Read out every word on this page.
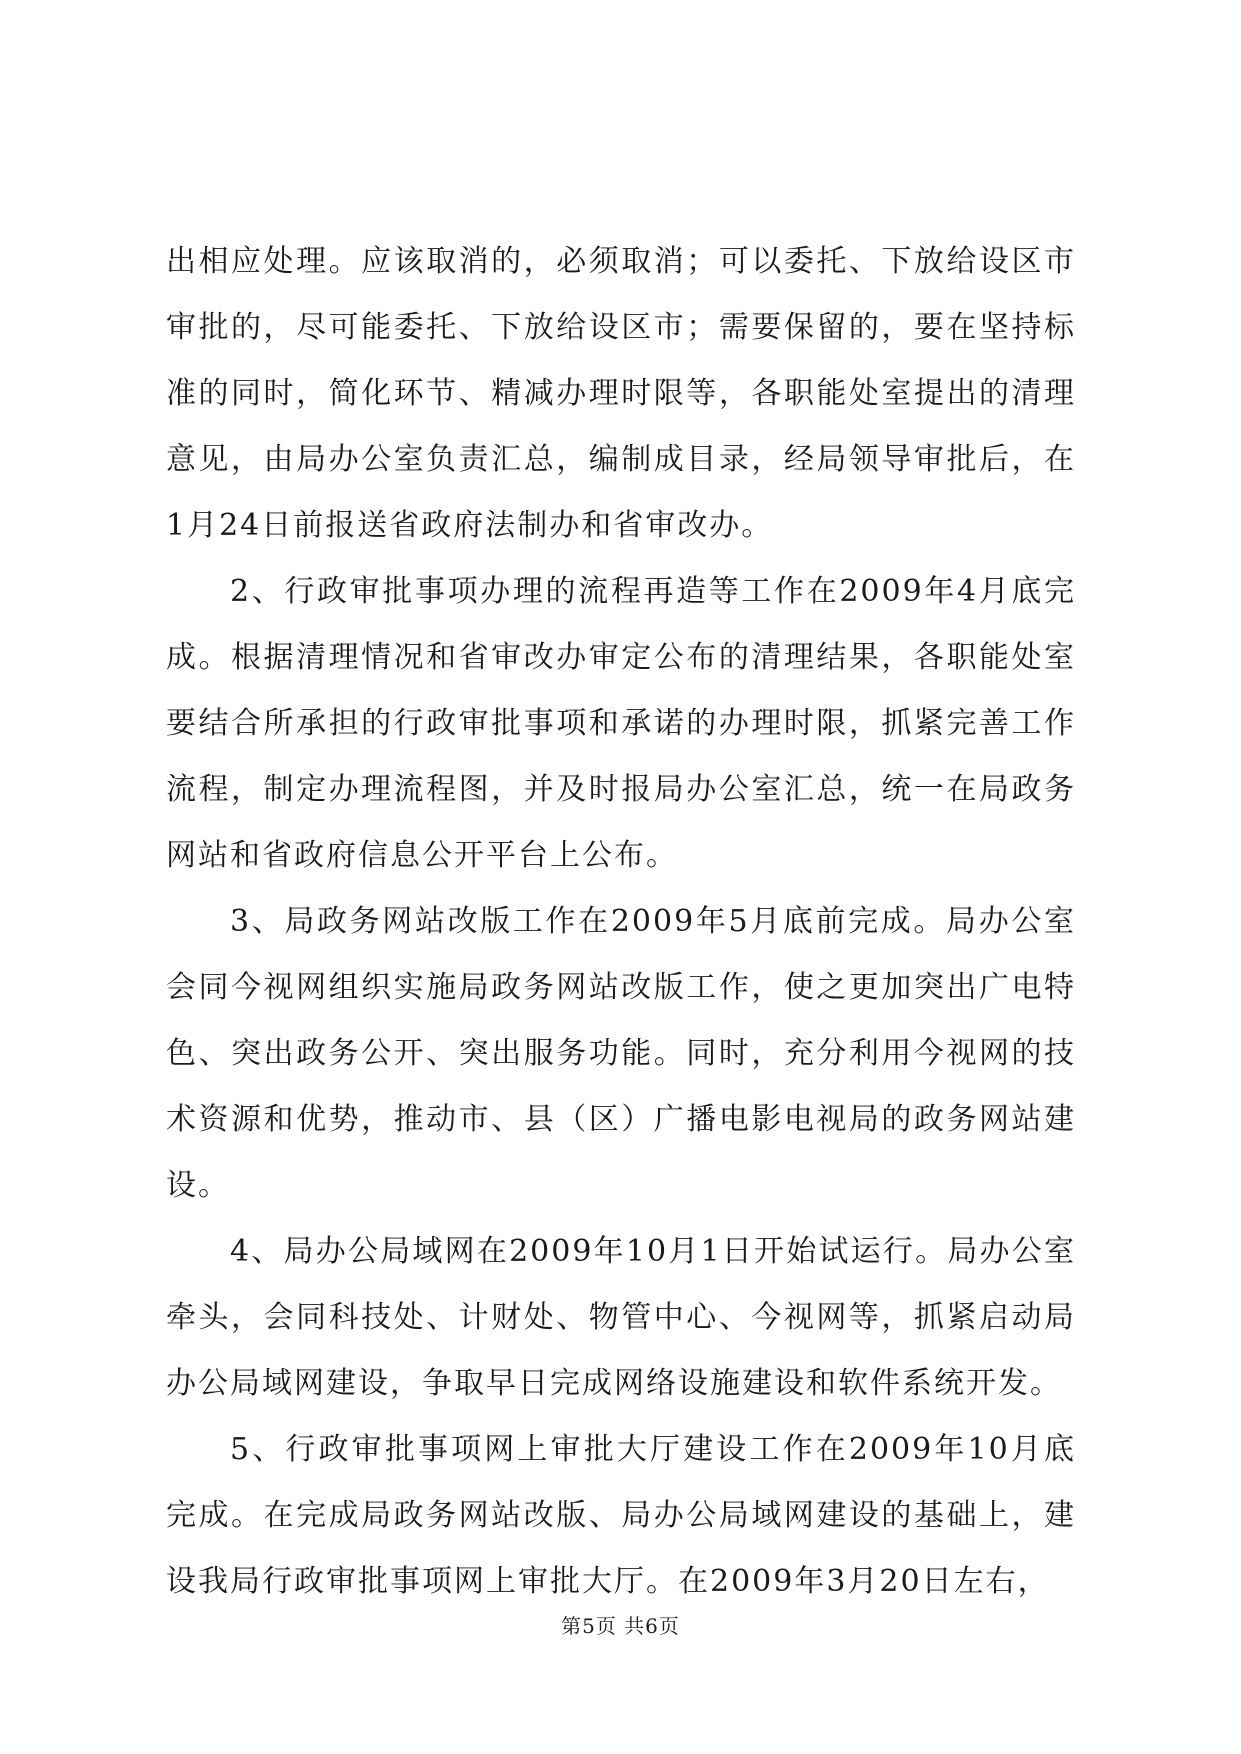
出相应处理。应该取消的，必须取消；可以委托、下放给设区市审批的，尽可能委托、下放给设区市；需要保留的，要在坚持标准的同时，简化环节、精减办理时限等，各职能处室提出的清理意见，由局办公室负责汇总，编制成目录，经局领导审批后，在1月24日前报送省政府法制办和省审改办。

2、行政审批事项办理的流程再造等工作在2009年4月底完成。根据清理情况和省审改办审定公布的清理结果，各职能处室要结合所承担的行政审批事项和承诺的办理时限，抓紧完善工作流程，制定办理流程图，并及时报局办公室汇总，统一在局政务网站和省政府信息公开平台上公布。

3、局政务网站改版工作在2009年5月底前完成。局办公室会同今视网组织实施局政务网站改版工作，使之更加突出广电特色、突出政务公开、突出服务功能。同时，充分利用今视网的技术资源和优势，推动市、县（区）广播电影电视局的政务网站建设。

4、局办公局域网在2009年10月1日开始试运行。局办公室牵头，会同科技处、计财处、物管中心、今视网等，抓紧启动局办公局域网建设，争取早日完成网络设施建设和软件系统开发。

5、行政审批事项网上审批大厅建设工作在2009年10月底完成。在完成局政务网站改版、局办公局域网建设的基础上，建设我局行政审批事项网上审批大厅。在2009年3月20日左右，

第5页 共6页
